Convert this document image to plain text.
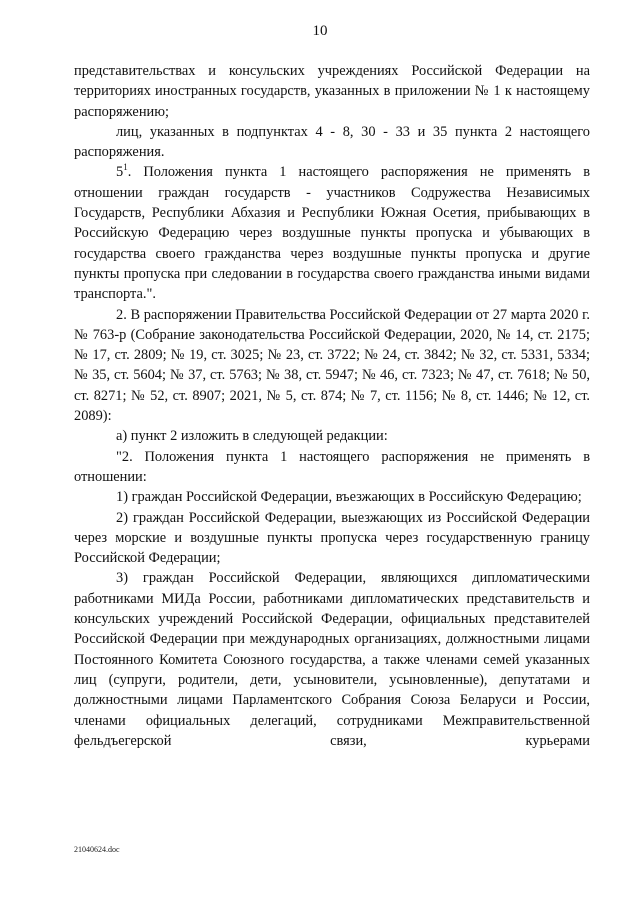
10

представительствах и консульских учреждениях Российской Федерации на территориях иностранных государств, указанных в приложении № 1 к настоящему распоряжению;

лиц, указанных в подпунктах 4 - 8, 30 - 33 и 35 пункта 2 настоящего распоряжения.

$5^1$. Положения пункта 1 настоящего распоряжения не применять в отношении граждан государств - участников Содружества Независимых Государств, Республики Абхазия и Республики Южная Осетия, прибывающих в Российскую Федерацию через воздушные пункты пропуска и убывающих в государства своего гражданства через воздушные пункты пропуска и другие пункты пропуска при следовании в государства своего гражданства иными видами транспорта.".

2. В распоряжении Правительства Российской Федерации от 27 марта 2020 г. № 763-р (Собрание законодательства Российской Федерации, 2020, № 14, ст. 2175; № 17, ст. 2809; № 19, ст. 3025; № 23, ст. 3722; № 24, ст. 3842; № 32, ст. 5331, 5334; № 35, ст. 5604; № 37, ст. 5763; № 38, ст. 5947; № 46, ст. 7323; № 47, ст. 7618; № 50, ст. 8271; № 52, ст. 8907; 2021, № 5, ст. 874; № 7, ст. 1156; № 8, ст. 1446; № 12, ст. 2089):

а) пункт 2 изложить в следующей редакции:

"2. Положения пункта 1 настоящего распоряжения не применять в отношении:

1) граждан Российской Федерации, въезжающих в Российскую Федерацию;

2) граждан Российской Федерации, выезжающих из Российской Федерации через морские и воздушные пункты пропуска через государственную границу Российской Федерации;

3) граждан Российской Федерации, являющихся дипломатическими работниками МИДа России, работниками дипломатических представительств и консульских учреждений Российской Федерации, официальных представителей Российской Федерации при международных организациях, должностными лицами Постоянного Комитета Союзного государства, а также членами семей указанных лиц (супруги, родители, дети, усыновители, усыновленные), депутатами и должностными лицами Парламентского Собрания Союза Беларуси и России, членами официальных делегаций, сотрудниками Межправительственной фельдъегерской связи, курьерами

21040624.doc
